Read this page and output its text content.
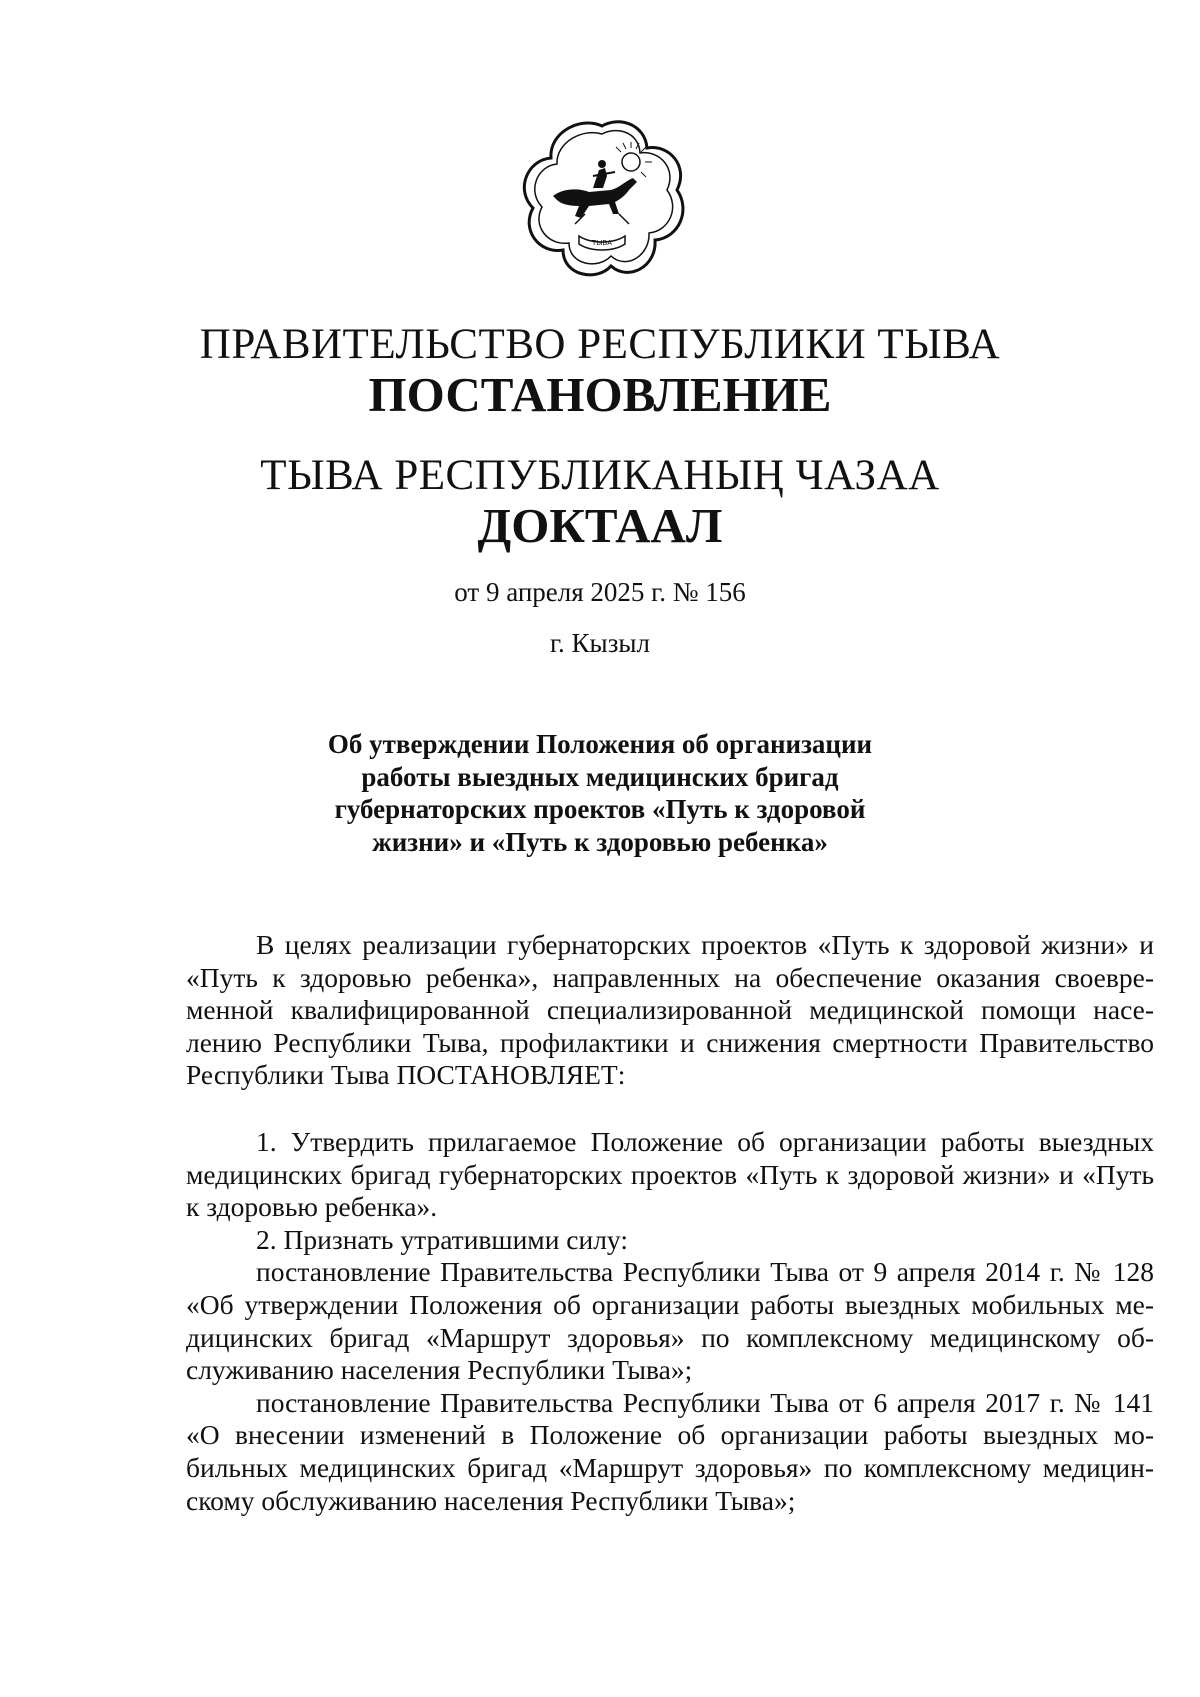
ТЫВА
ПРАВИТЕЛЬСТВО РЕСПУБЛИКИ ТЫВА
ПОСТАНОВЛЕНИЕ
ТЫВА РЕСПУБЛИКАНЫҢ ЧАЗАА
ДОКТААЛ
от 9 апреля 2025 г. № 156
г. Кызыл
Об утверждении Положения об организации
работы выездных медицинских бригад
губернаторских проектов «Путь к здоровой
жизни» и «Путь к здоровью ребенка»

В целях реализации губернаторских проектов «Путь к здоровой жизни» и «Путь к здоровью ребенка», направленных на обеспечение оказания своевременной квалифицированной специализированной медицинской помощи населению Республики Тыва, профилактики и снижения смертности Правительство Республики Тыва ПОСТАНОВЛЯЕТ:

1. Утвердить прилагаемое Положение об организации работы выездных медицинских бригад губернаторских проектов «Путь к здоровой жизни» и «Путь к здоровью ребенка».

2. Признать утратившими силу:

постановление Правительства Республики Тыва от 9 апреля 2014 г. № 128 «Об утверждении Положения об организации работы выездных мобильных медицинских бригад «Маршрут здоровья» по комплексному медицинскому обслуживанию населения Республики Тыва»;

постановление Правительства Республики Тыва от 6 апреля 2017 г. № 141 «О внесении изменений в Положение об организации работы выездных мобильных медицинских бригад «Маршрут здоровья» по комплексному медицинскому обслуживанию населения Республики Тыва»;
